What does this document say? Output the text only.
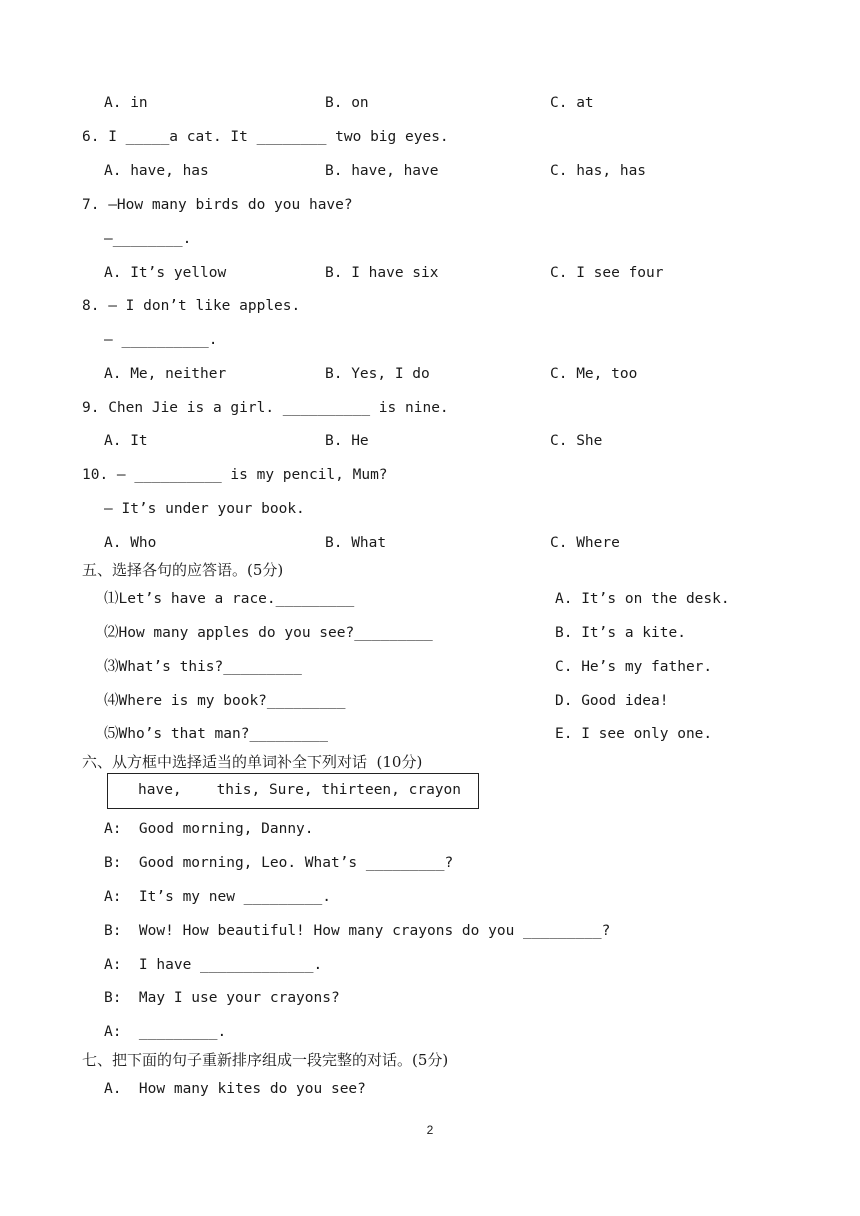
A. in

	B. on

	C. at

6. I _____a cat. It ________ two big eyes.

A. have, has

	B. have, have

	C. has, has

7. —How many birds do you have?

—________.

A. It’s yellow

	B. I have six

	C. I see four

8. — I don’t like apples.

— __________.

A. Me, neither

	B. Yes, I do

	C. Me, too

9. Chen Jie is a girl. __________ is nine.

A. It

	B. He

	C. She

10. — __________ is my pencil, Mum?

— It’s under your book.

A. Who

	B. What

	C. Where

五、选择各句的应答语。(5分)

⑴Let’s have a race._________

	A. It’s on the desk.

⑵How many apples do you see?_________

	B. It’s a kite.

⑶What’s this?_________

	C. He’s my father.

⑷Where is my book?_________

	D. Good idea!

⑸Who’s that man?_________

	E. I see only one.

六、从方框中选择适当的单词补全下列对话  (10分)

have,    this, Sure, thirteen, crayon

A:  Good morning, Danny.

B:  Good morning, Leo. What’s _________?

A:  It’s my new _________.

B:  Wow! How beautiful! How many crayons do you _________?

A:  I have _____________.

B:  May I use your crayons?

A:  _________.

七、把下面的句子重新排序组成一段完整的对话。(5分)

A.  How many kites do you see?

2
